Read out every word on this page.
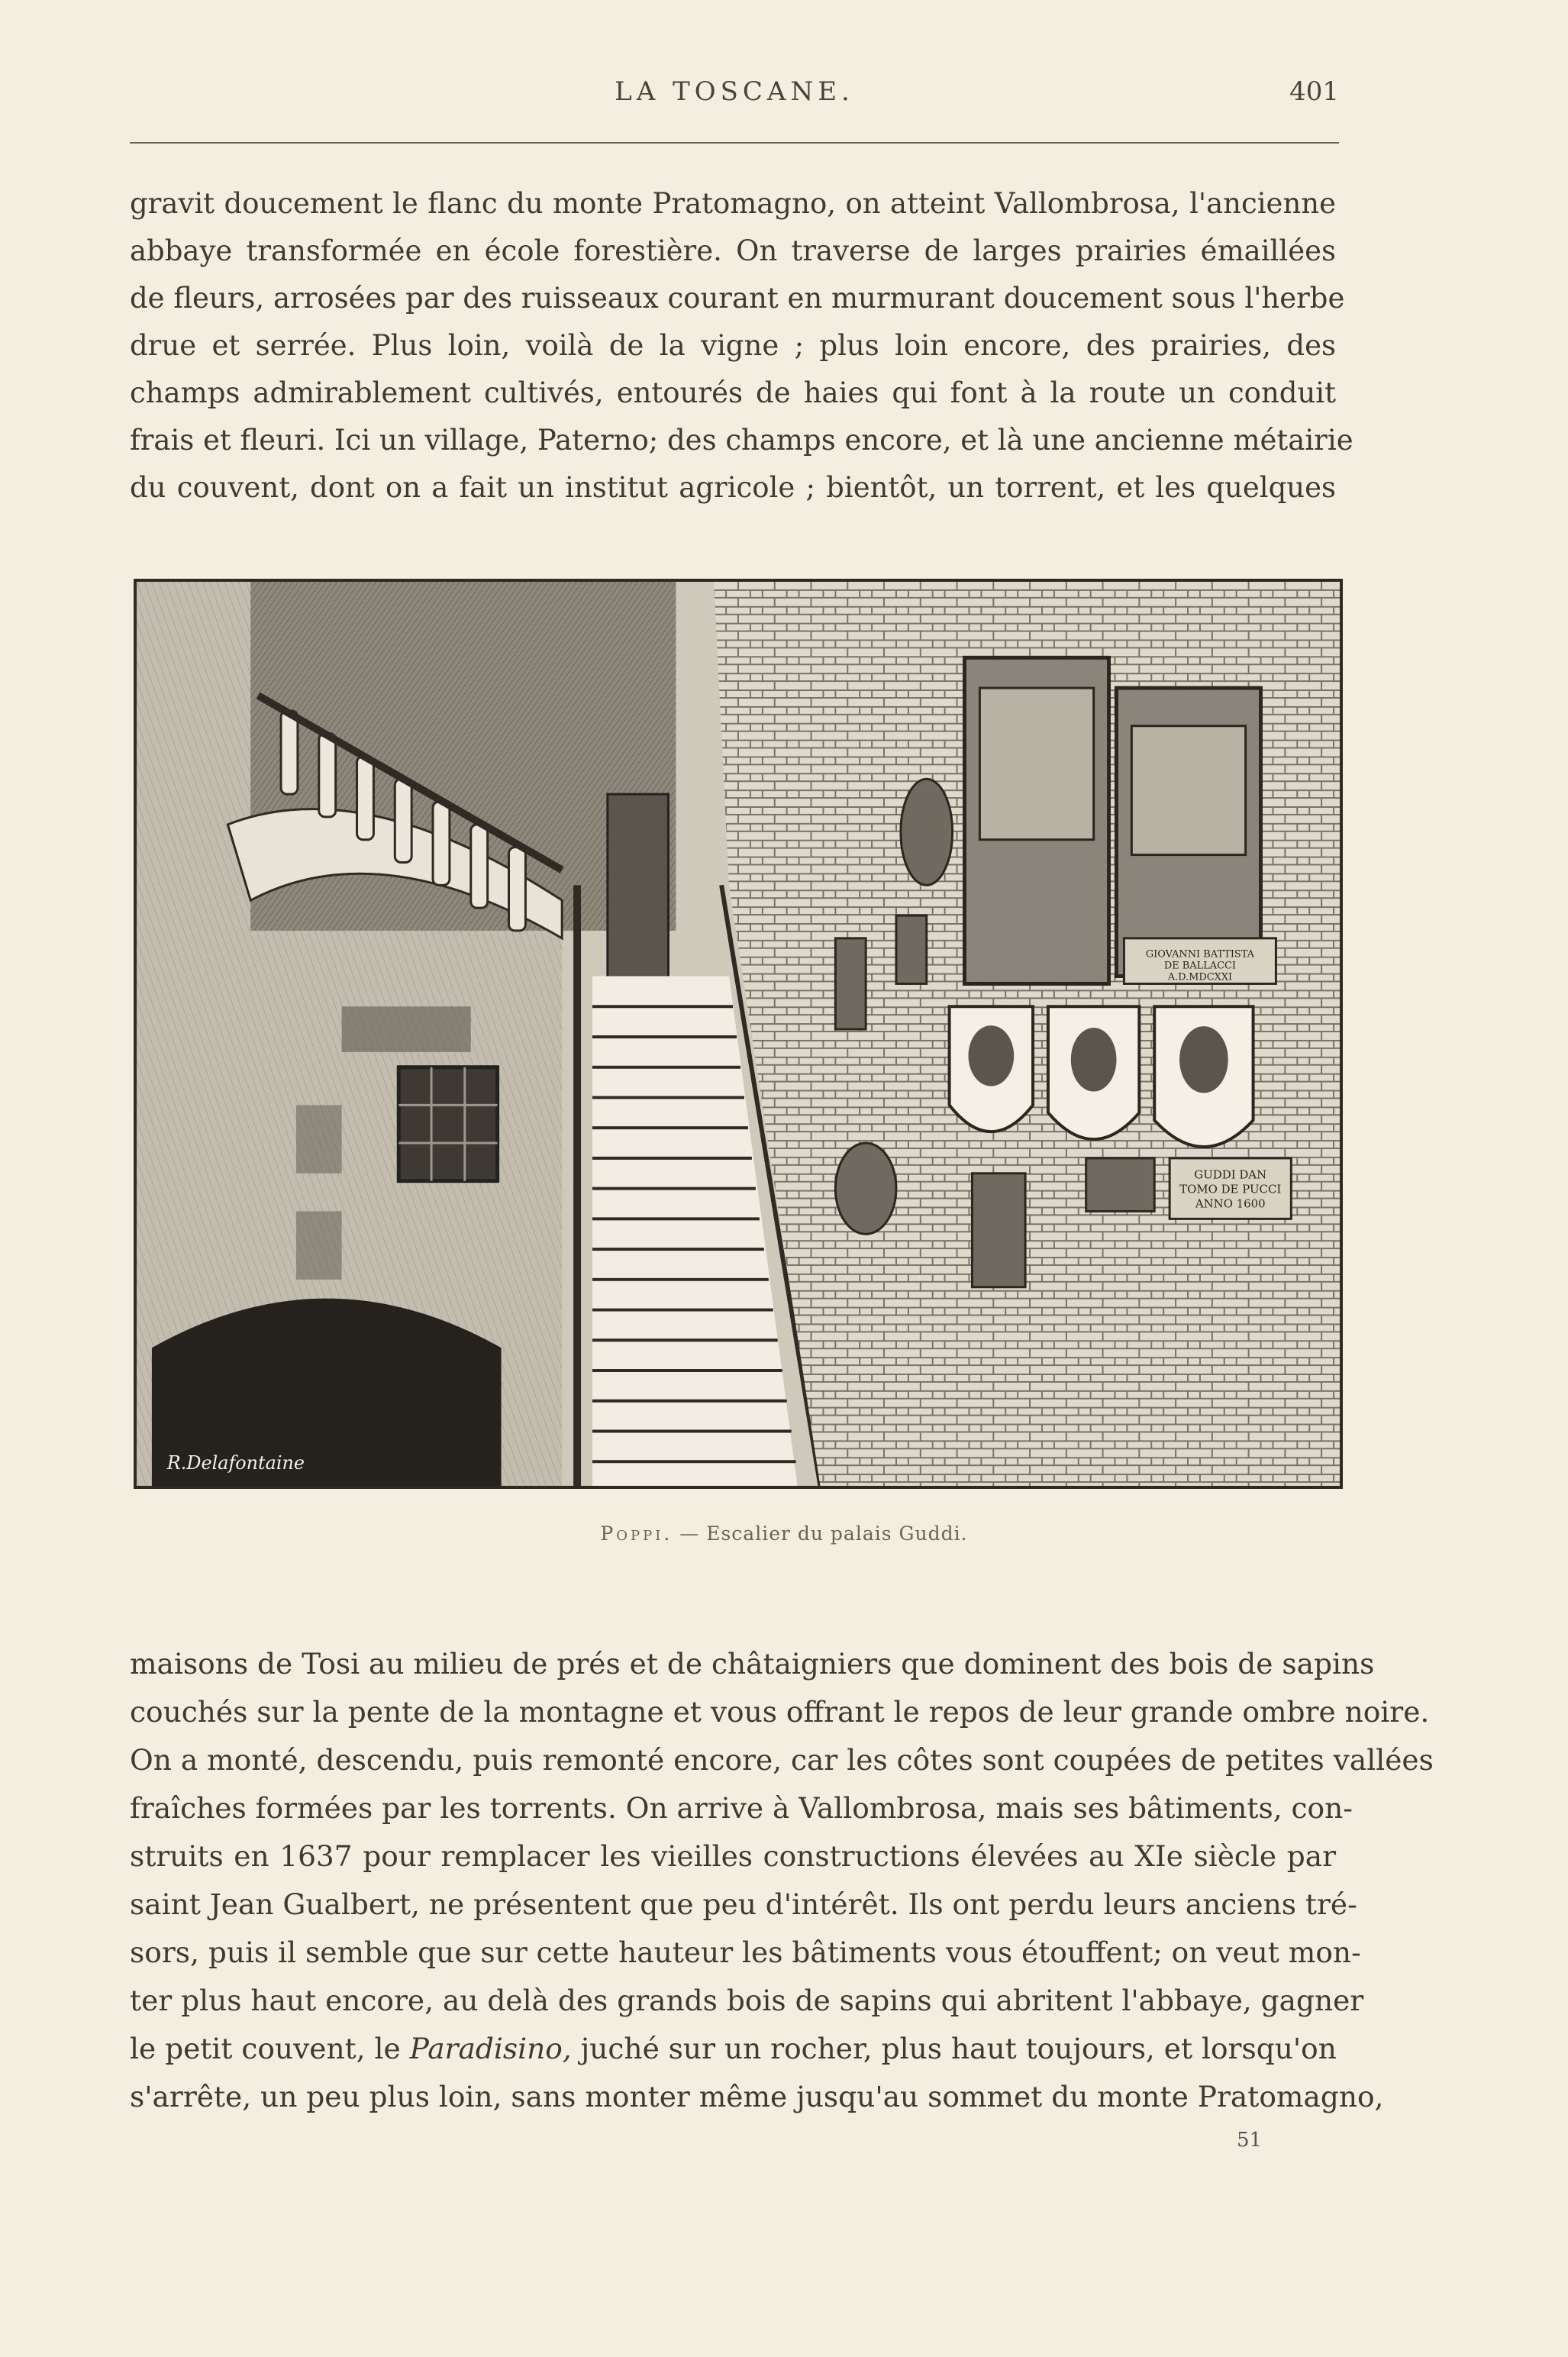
LA TOSCANE.	401
gravit doucement le flanc du monte Pratomagno, on atteint Vallombrosa, l'ancienne
abbaye transformée en école forestière. On traverse de larges prairies émaillées
de fleurs, arrosées par des ruisseaux courant en murmurant doucement sous l'herbe
drue et serrée. Plus loin, voilà de la vigne ; plus loin encore, des prairies, des
champs admirablement cultivés, entourés de haies qui font à la route un conduit
frais et fleuri. Ici un village, Paterno; des champs encore, et là une ancienne métairie
du couvent, dont on a fait un institut agricole ; bientôt, un torrent, et les quelques
GIOVANNI BATTISTA
DE BALLACCI
A.D.MDCXXI
GUDDI DAN
TOMO DE PUCCI
ANNO 1600
R.Delafontaine
Poppi. — Escalier du palais Guddi.
maisons de Tosi au milieu de prés et de châtaigniers que dominent des bois de sapins
couchés sur la pente de la montagne et vous offrant le repos de leur grande ombre noire.
On a monté, descendu, puis remonté encore, car les côtes sont coupées de petites vallées
fraîches formées par les torrents. On arrive à Vallombrosa, mais ses bâtiments, con-
struits en 1637 pour remplacer les vieilles constructions élevées au XIe siècle par
saint Jean Gualbert, ne présentent que peu d'intérêt. Ils ont perdu leurs anciens tré-
sors, puis il semble que sur cette hauteur les bâtiments vous étouffent; on veut mon-
ter plus haut encore, au delà des grands bois de sapins qui abritent l'abbaye, gagner
le petit couvent, le Paradisino, juché sur un rocher, plus haut toujours, et lorsqu'on
s'arrête, un peu plus loin, sans monter même jusqu'au sommet du monte Pratomagno,
51
